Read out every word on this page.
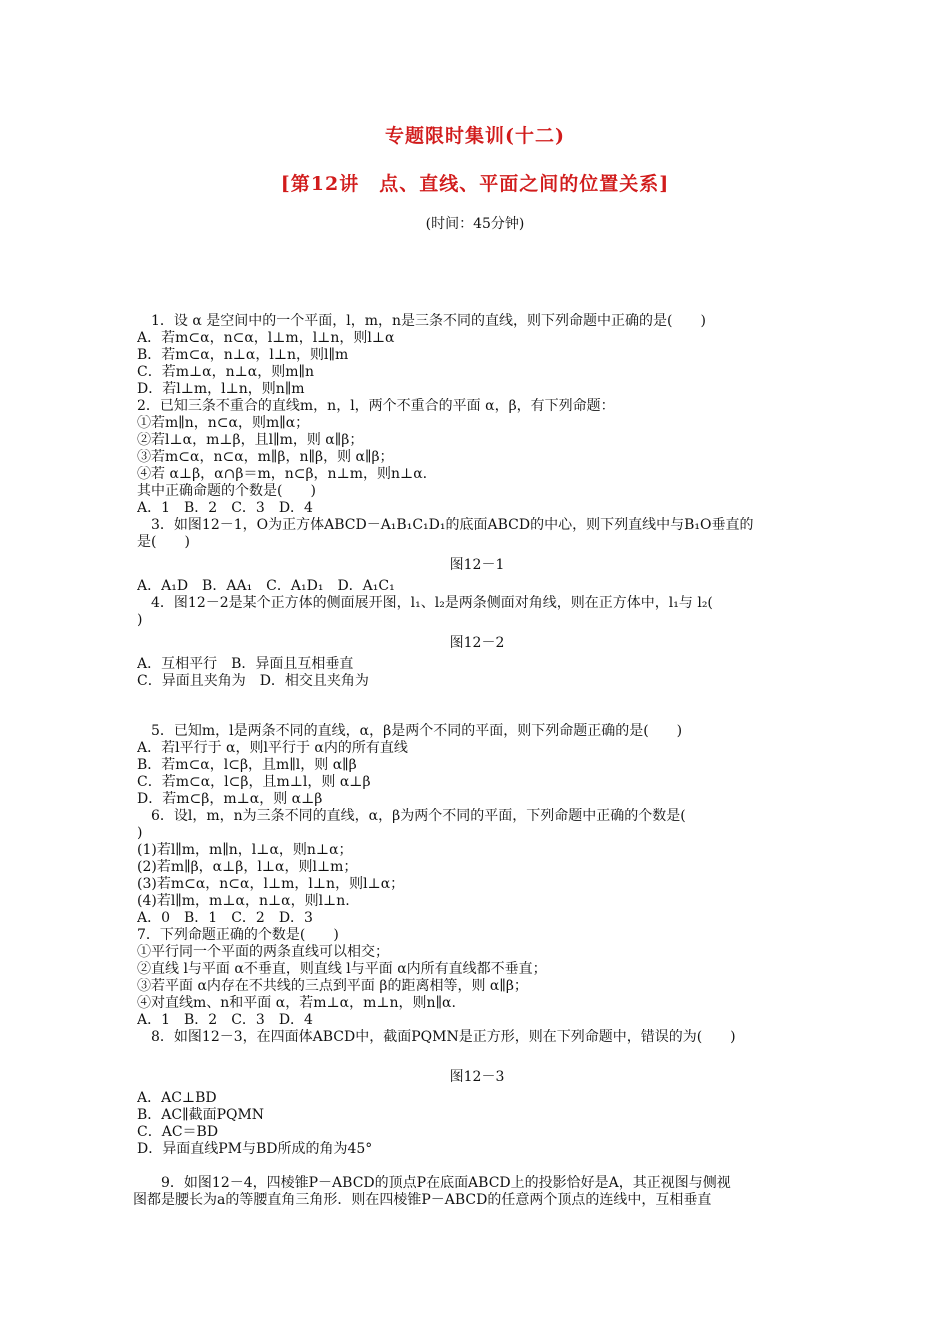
专题限时集训(十二)
[第12讲　点、直线、平面之间的位置关系]
(时间：45分钟)
　1．设 α 是空间中的一个平面，l，m，n是三条不同的直线，则下列命题中正确的是(　　)
A．若m⊂α，n⊂α，l⊥m，l⊥n，则l⊥α
B．若m⊂α，n⊥α，l⊥n，则l∥m
C．若m⊥α，n⊥α，则m∥n
D．若l⊥m，l⊥n，则n∥m
2．已知三条不重合的直线m，n，l，两个不重合的平面 α，β，有下列命题：
①若m∥n，n⊂α，则m∥α；
②若l⊥α，m⊥β，且l∥m，则 α∥β；
③若m⊂α，n⊂α，m∥β，n∥β，则 α∥β；
④若 α⊥β，α∩β＝m，n⊂β，n⊥m，则n⊥α.
其中正确命题的个数是(　　)
A．1　B．2　C．3　D．4
　3．如图12－1，O为正方体ABCD－A₁B₁C₁D₁的底面ABCD的中心，则下列直线中与B₁O垂直的
是(　　)
图12－1
A．A₁D　B．AA₁　C．A₁D₁　D．A₁C₁
　4．图12－2是某个正方体的侧面展开图，l₁、l₂是两条侧面对角线，则在正方体中，l₁与 l₂(
)
图12－2
A．互相平行　B．异面且互相垂直
C．异面且夹角为　D．相交且夹角为
　5．已知m，l是两条不同的直线，α，β是两个不同的平面，则下列命题正确的是(　　)
A．若l平行于 α，则l平行于 α内的所有直线
B．若m⊂α，l⊂β，且m∥l，则 α∥β
C．若m⊂α，l⊂β，且m⊥l，则 α⊥β
D．若m⊂β，m⊥α，则 α⊥β
　6．设l，m，n为三条不同的直线，α，β为两个不同的平面，下列命题中正确的个数是(
)
(1)若l∥m，m∥n，l⊥α，则n⊥α；
(2)若m∥β，α⊥β，l⊥α，则l⊥m；
(3)若m⊂α，n⊂α，l⊥m，l⊥n，则l⊥α；
(4)若l∥m，m⊥α，n⊥α，则l⊥n.
A．0　B．1　C．2　D．3
7．下列命题正确的个数是(　　)
①平行同一个平面的两条直线可以相交；
②直线 l与平面 α不垂直，则直线 l与平面 α内所有直线都不垂直；
③若平面 α内存在不共线的三点到平面 β的距离相等，则 α∥β；
④对直线m、n和平面 α，若m⊥α，m⊥n，则n∥α.
A．1　B．2　C．3　D．4
　8．如图12－3，在四面体ABCD中，截面PQMN是正方形，则在下列命题中，错误的为(　　)
图12－3
A．AC⊥BD
B．AC∥截面PQMN
C．AC＝BD
D．异面直线PM与BD所成的角为45°
　　9．如图12－4，四棱锥P－ABCD的顶点P在底面ABCD上的投影恰好是A，其正视图与侧视
图都是腰长为a的等腰直角三角形．则在四棱锥P－ABCD的任意两个顶点的连线中，互相垂直
